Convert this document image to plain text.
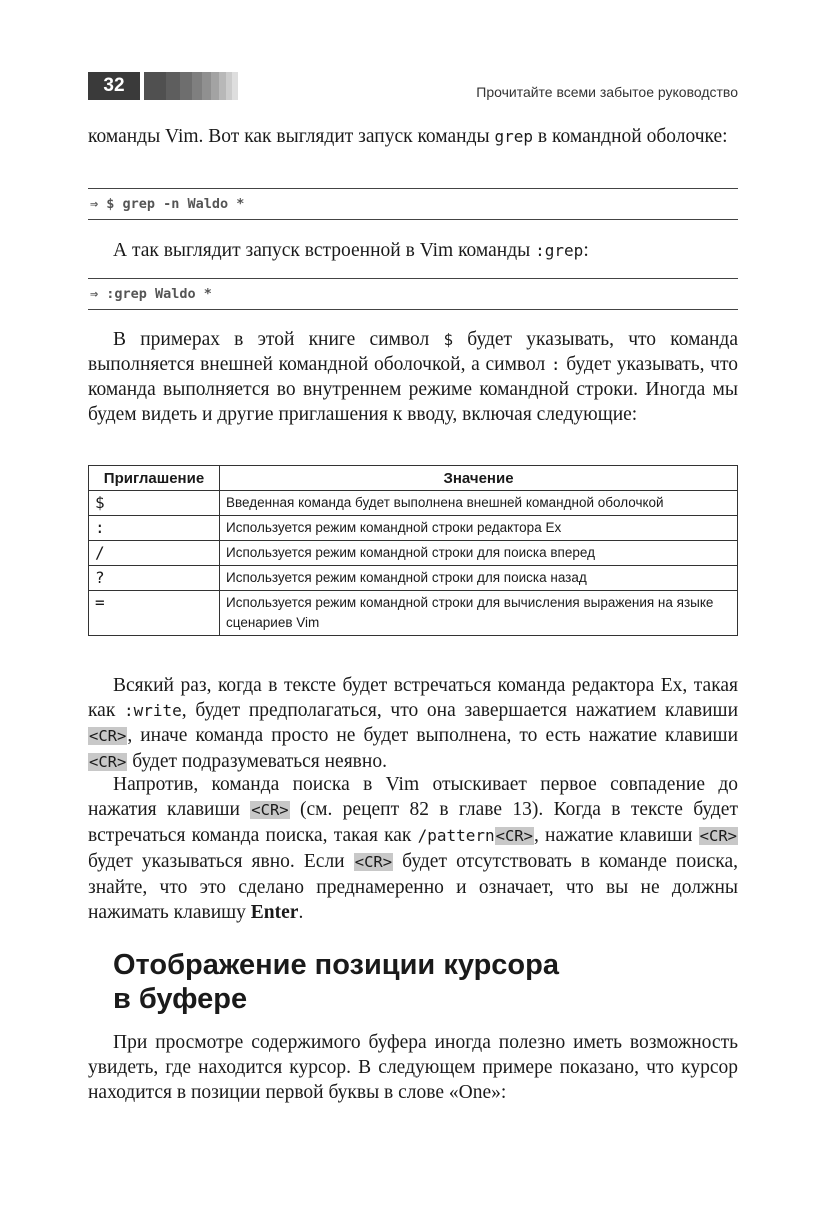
32	Прочитайте всеми забытое руководство

команды Vim. Вот как выглядит запуск команды grep в командной оболочке:

⇒ $ grep -n Waldo *

А так выглядит запуск встроенной в Vim команды :grep:

⇒ :grep Waldo *

В примерах в этой книге символ $ будет указывать, что команда выполняется внешней командной оболочкой, а символ : будет указывать, что команда выполняется во внутреннем режиме командной строки. Иногда мы будем видеть и другие приглашения к вводу, включая следующие:

Приглашение	Значение
$	Введенная команда будет выполнена внешней командной оболочкой
:	Используется режим командной строки редактора Ex
/	Используется режим командной строки для поиска вперед
?	Используется режим командной строки для поиска назад
=	Используется режим командной строки для вычисления выражения на языке сценариев Vim

Всякий раз, когда в тексте будет встречаться команда редактора Ex, такая как :write, будет предполагаться, что она завершается нажатием клавиши <CR>, иначе команда просто не будет выполнена, то есть нажатие клавиши <CR> будет подразумеваться неявно.

Напротив, команда поиска в Vim отыскивает первое совпадение до нажатия клавиши <CR> (см. рецепт 82 в главе 13). Когда в тексте будет встречаться команда поиска, такая как /pattern<CR>, нажатие клавиши <CR> будет указываться явно. Если <CR> будет отсутствовать в команде поиска, знайте, что это сделано преднамеренно и означает, что вы не должны нажимать клавишу Enter.

Отображение позиции курсора
в буфере

При просмотре содержимого буфера иногда полезно иметь возможность увидеть, где находится курсор. В следующем примере показано, что курсор находится в позиции первой буквы в слове «One»:
